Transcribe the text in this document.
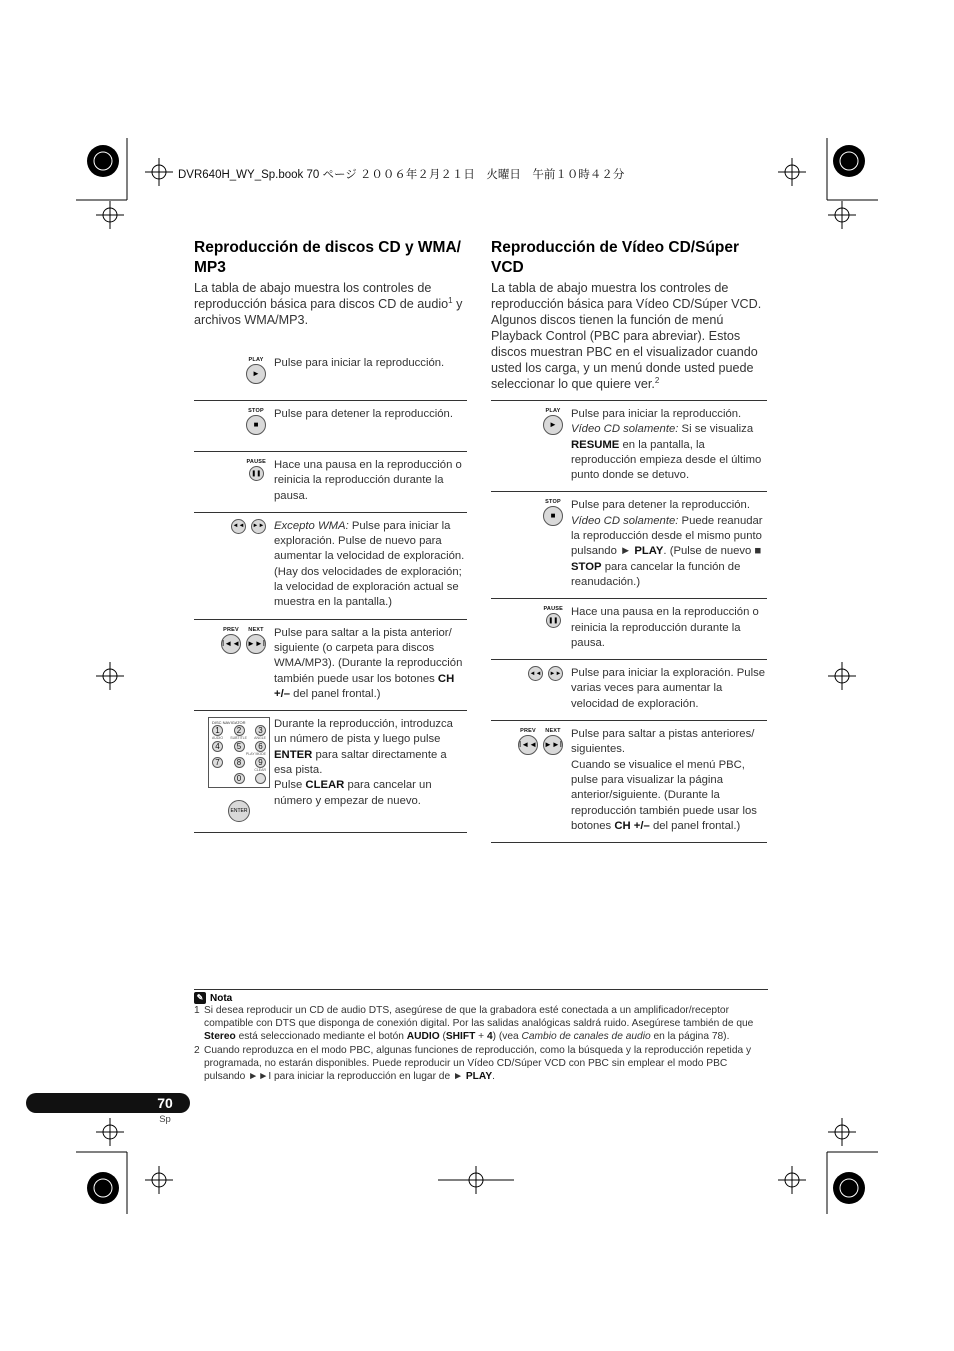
DVR640H_WY_Sp.book 70 ページ ２００６年２月２１日　火曜日　午前１０時４２分
Reproducción de discos CD y WMA/ MP3

La tabla de abajo muestra los controles de reproducción básica para discos CD de audio$^1$ y archivos WMA/MP3.

PLAY
►
Pulse para iniciar la reproducción.
STOP
■
Pulse para detener la reproducción.
PAUSE
❚❚
Hace una pausa en la reproducción o reinicia la reproducción durante la pausa.
◄◄ ►► Excepto WMA: Pulse para iniciar la exploración. Pulse de nuevo para aumentar la velocidad de exploración. (Hay dos velocidades de exploración; la velocidad de exploración actual se muestra en la pantalla.)
PREV
I◄◄
NEXT
►►I
Pulse para saltar a la pista anterior/ siguiente (o carpeta para discos WMA/MP3). (Durante la reproducción también puede usar los botones CH +/– del panel frontal.)
DISC NAVIGATOR
1	2	3
AUDIO SUBTITLE ANGLE
4	5	6
PLAY MODE
7	8	9
CLEAR
0
ENTER
Durante la reproducción, introduzca un número de pista y luego pulse ENTER para saltar directamente a esa pista.
Pulse CLEAR para cancelar un número y empezar de nuevo.
Reproducción de Vídeo CD/Súper VCD

La tabla de abajo muestra los controles de reproducción básica para Vídeo CD/Súper VCD.

Algunos discos tienen la función de menú Playback Control (PBC para abreviar). Estos discos muestran PBC en el visualizador cuando usted los carga, y un menú donde usted puede seleccionar lo que quiere ver.$^2$

PLAY
►
Pulse para iniciar la reproducción.
Vídeo CD solamente: Si se visualiza RESUME en la pantalla, la reproducción empieza desde el último punto donde se detuvo.
STOP
■
Pulse para detener la reproducción.
Vídeo CD solamente: Puede reanudar la reproducción desde el mismo punto pulsando ► PLAY. (Pulse de nuevo ■ STOP para cancelar la función de reanudación.)
PAUSE
❚❚
Hace una pausa en la reproducción o reinicia la reproducción durante la pausa.
◄◄ ►► Pulse para iniciar la exploración. Pulse varias veces para aumentar la velocidad de exploración.
PREV
I◄◄
NEXT
►►I
Pulse para saltar a pistas anteriores/ siguientes.
Cuando se visualice el menú PBC, pulse para visualizar la página anterior/siguiente. (Durante la reproducción también puede usar los botones CH +/– del panel frontal.)
✎ Nota
1 Si desea reproducir un CD de audio DTS, asegúrese de que la grabadora esté conectada a un amplificador/receptor compatible con DTS que disponga de conexión digital. Por las salidas analógicas saldrá ruido. Asegúrese también de que Stereo está seleccionado mediante el botón AUDIO (SHIFT + 4) (vea Cambio de canales de audio en la página 78).
2 Cuando reproduzca en el modo PBC, algunas funciones de reproducción, como la búsqueda y la reproducción repetida y programada, no estarán disponibles. Puede reproducir un Vídeo CD/Súper VCD con PBC sin emplear el modo PBC pulsando ►►I para iniciar la reproducción en lugar de ► PLAY.
70
Sp
